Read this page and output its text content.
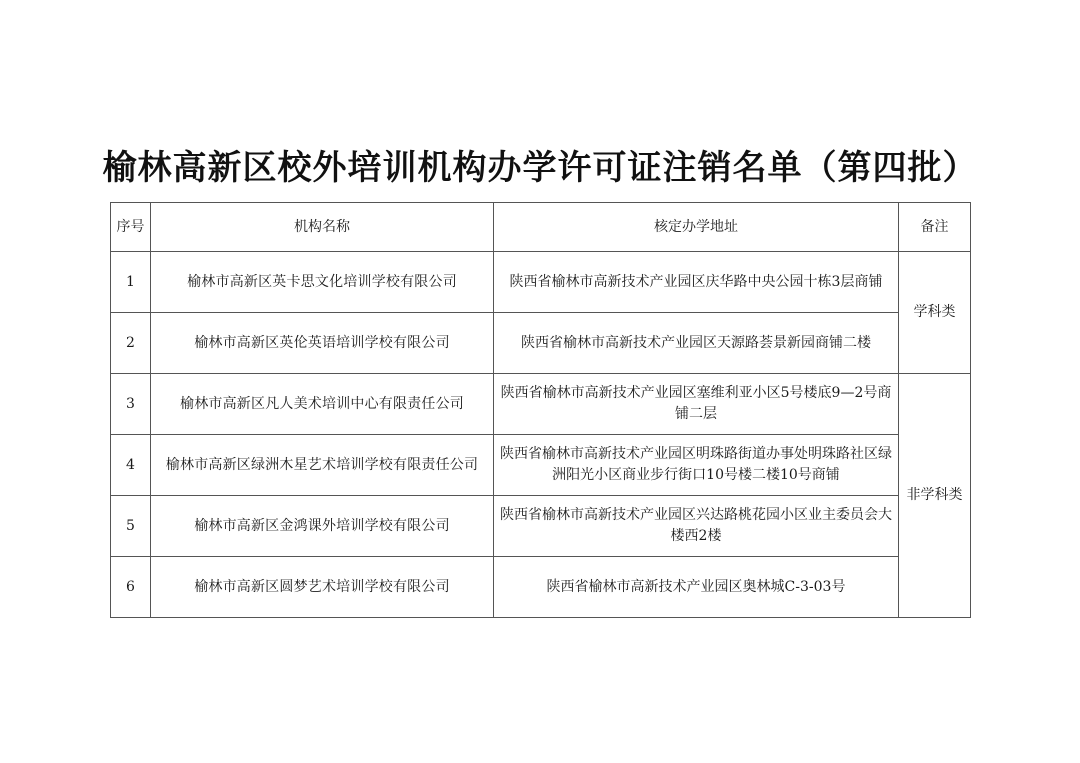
榆林高新区校外培训机构办学许可证注销名单（第四批）
序号	机构名称	核定办学地址	备注
1	榆林市高新区英卡思文化培训学校有限公司	陕西省榆林市高新技术产业园区庆华路中央公园十栋3层商铺	学科类
2	榆林市高新区英伦英语培训学校有限公司	陕西省榆林市高新技术产业园区天源路荟景新园商铺二楼	
3	榆林市高新区凡人美术培训中心有限责任公司	陕西省榆林市高新技术产业园区塞维利亚小区5号楼底9—2号商铺二层	非学科类
4	榆林市高新区绿洲木星艺术培训学校有限责任公司	陕西省榆林市高新技术产业园区明珠路街道办事处明珠路社区绿洲阳光小区商业步行街口10号楼二楼10号商铺	
5	榆林市高新区金鸿课外培训学校有限公司	陕西省榆林市高新技术产业园区兴达路桃花园小区业主委员会大楼西2楼	
6	榆林市高新区圆梦艺术培训学校有限公司	陕西省榆林市高新技术产业园区奥林城C-3-03号	
